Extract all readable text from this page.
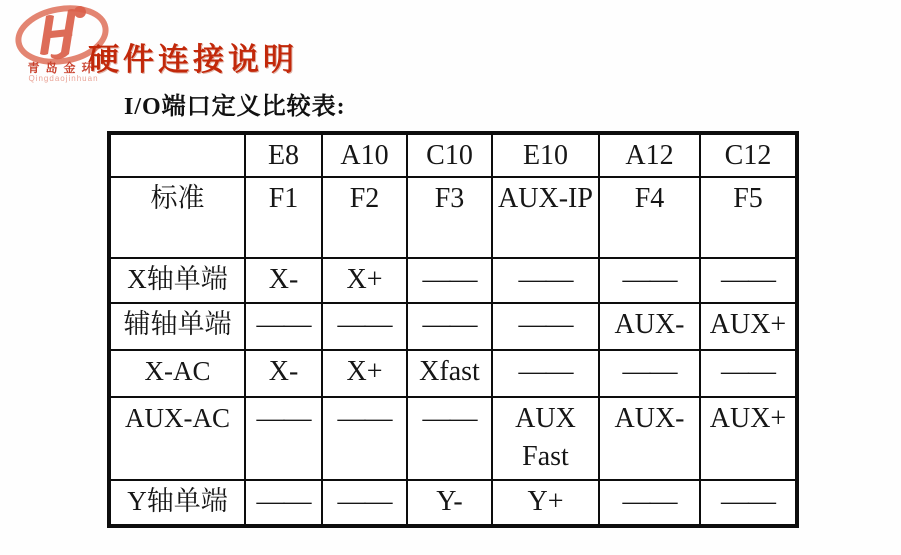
青岛金环
Qingdaojinhuan
硬件连接说明
I/O端口定义比较表:
	E8	A10	C10	E10	A12	C12
标准	F1	F2	F3	AUX-IP	F4	F5
X轴单端	X-	X+	——	——	——	——
辅轴单端	——	——	——	——	AUX-	AUX+
X-AC	X-	X+	Xfast	——	——	——
AUX-AC	——	——	——	AUX Fast	AUX-	AUX+
Y轴单端	——	——	Y-	Y+	——	——
